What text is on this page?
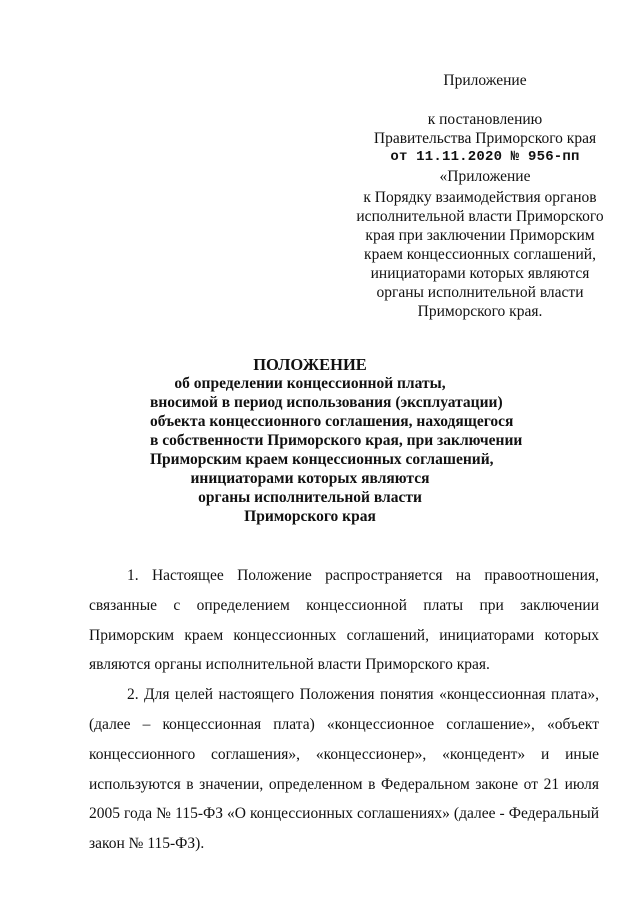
Приложение
к постановлению
Правительства Приморского края
от 11.11.2020 № 956-пп
«Приложение
к Порядку взаимодействия органов
исполнительной власти Приморского
края при заключении Приморским
краем концессионных соглашений,
инициаторами которых являются
органы исполнительной власти
Приморского края.
ПОЛОЖЕНИЕ
об определении концессионной платы,
вносимой в период использования (эксплуатации)
объекта концессионного соглашения, находящегося
в собственности Приморского края, при заключении
Приморским краем концессионных соглашений,
инициаторами которых являются
органы исполнительной власти
Приморского края

1. Настоящее Положение распространяется на правоотношения, связанные с определением концессионной платы при заключении Приморским краем концессионных соглашений, инициаторами которых являются органы исполнительной власти Приморского края.

2. Для целей настоящего Положения понятия «концессионная плата», (далее – концессионная плата) «концессионное соглашение», «объект концессионного соглашения», «концессионер», «концедент» и иные используются в значении, определенном в Федеральном законе от 21 июля 2005 года № 115-ФЗ «О концессионных соглашениях» (далее - Федеральный закон № 115-ФЗ).
